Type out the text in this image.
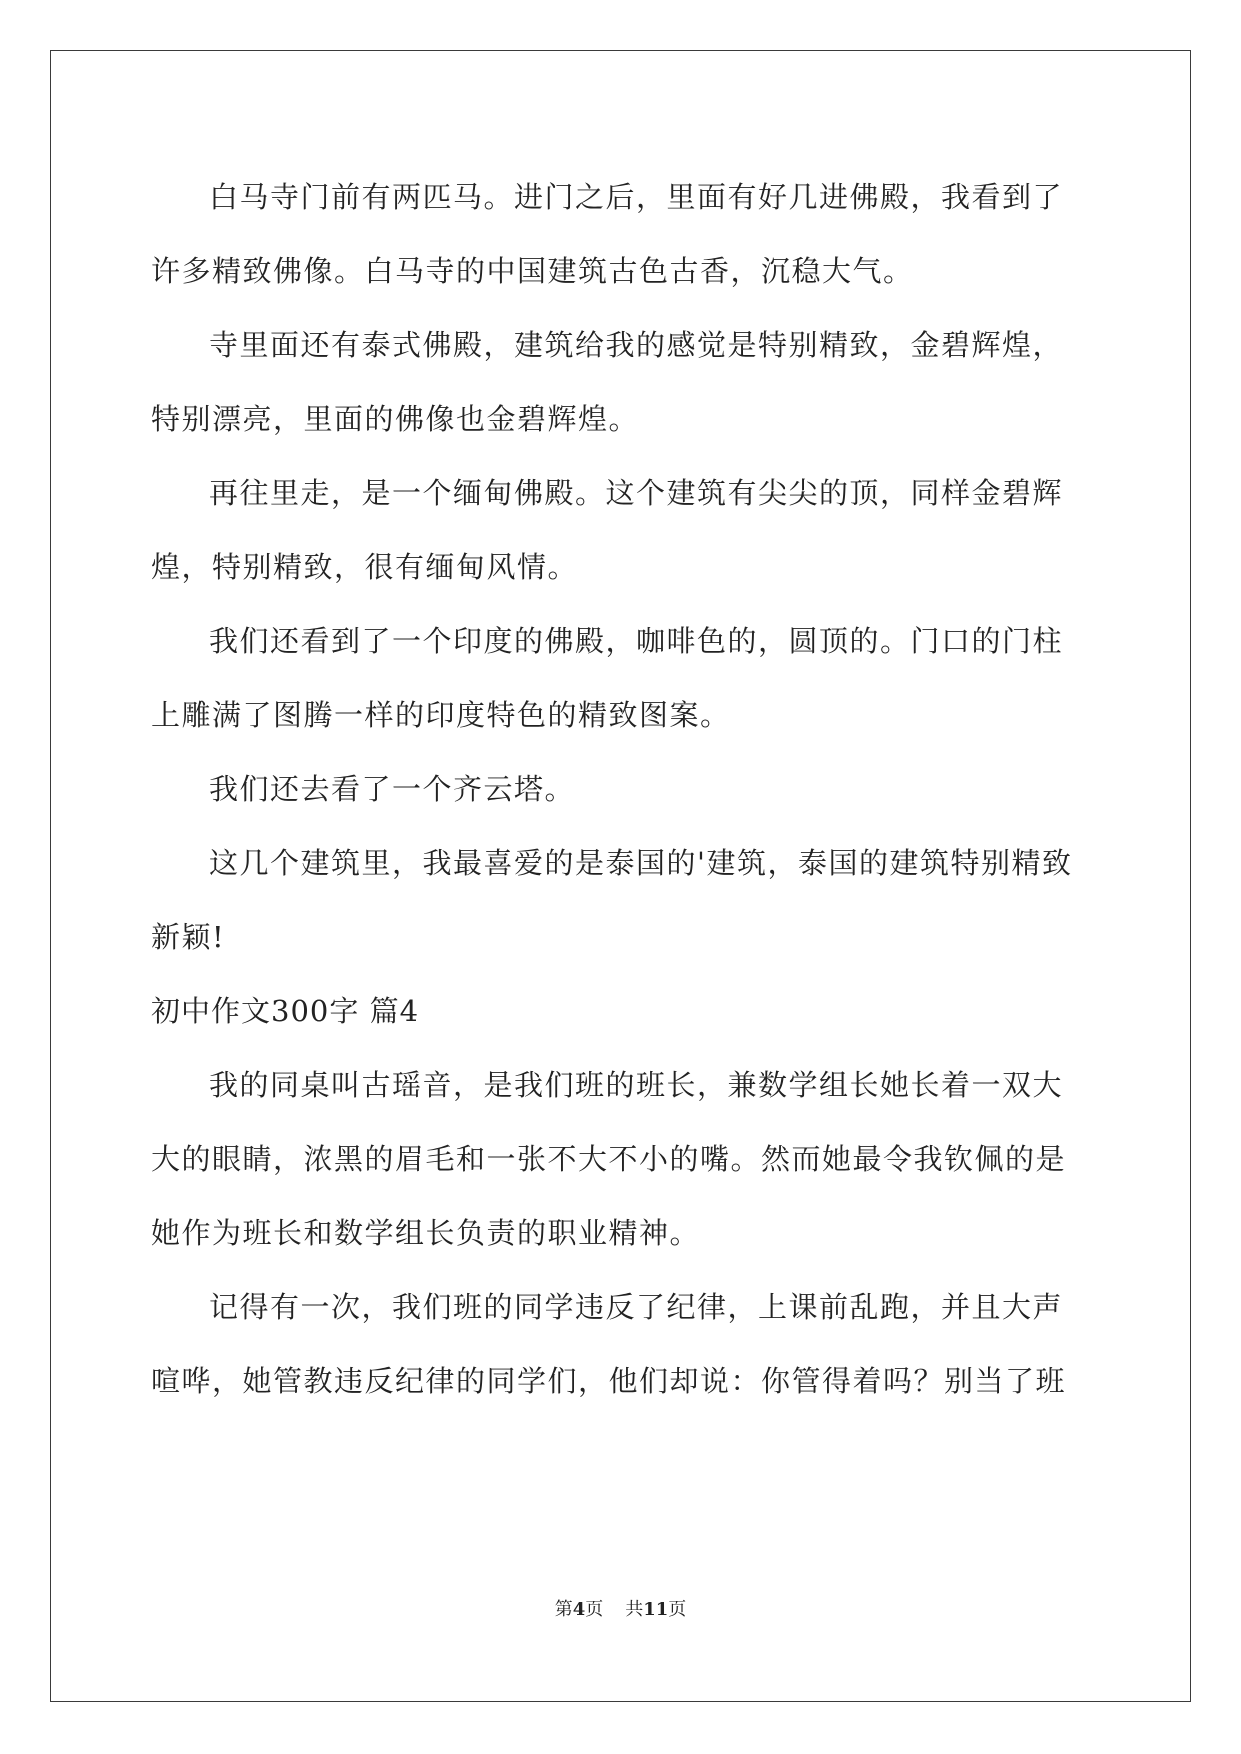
白马寺门前有两匹马。进门之后，里面有好几进佛殿，我看到了
许多精致佛像。白马寺的中国建筑古色古香，沉稳大气。
寺里面还有泰式佛殿，建筑给我的感觉是特别精致，金碧辉煌，
特别漂亮，里面的佛像也金碧辉煌。
再往里走，是一个缅甸佛殿。这个建筑有尖尖的顶，同样金碧辉
煌，特别精致，很有缅甸风情。
我们还看到了一个印度的佛殿，咖啡色的，圆顶的。门口的门柱
上雕满了图腾一样的印度特色的精致图案。
我们还去看了一个齐云塔。
这几个建筑里，我最喜爱的是泰国的'建筑，泰国的建筑特别精致
新颖!
初中作文300字 篇4
我的同桌叫古瑶音，是我们班的班长，兼数学组长她长着一双大
大的眼睛，浓黑的眉毛和一张不大不小的嘴。然而她最令我钦佩的是
她作为班长和数学组长负责的职业精神。
记得有一次，我们班的同学违反了纪律，上课前乱跑，并且大声
喧哗，她管教违反纪律的同学们，他们却说：你管得着吗？别当了班
第4页 共11页
